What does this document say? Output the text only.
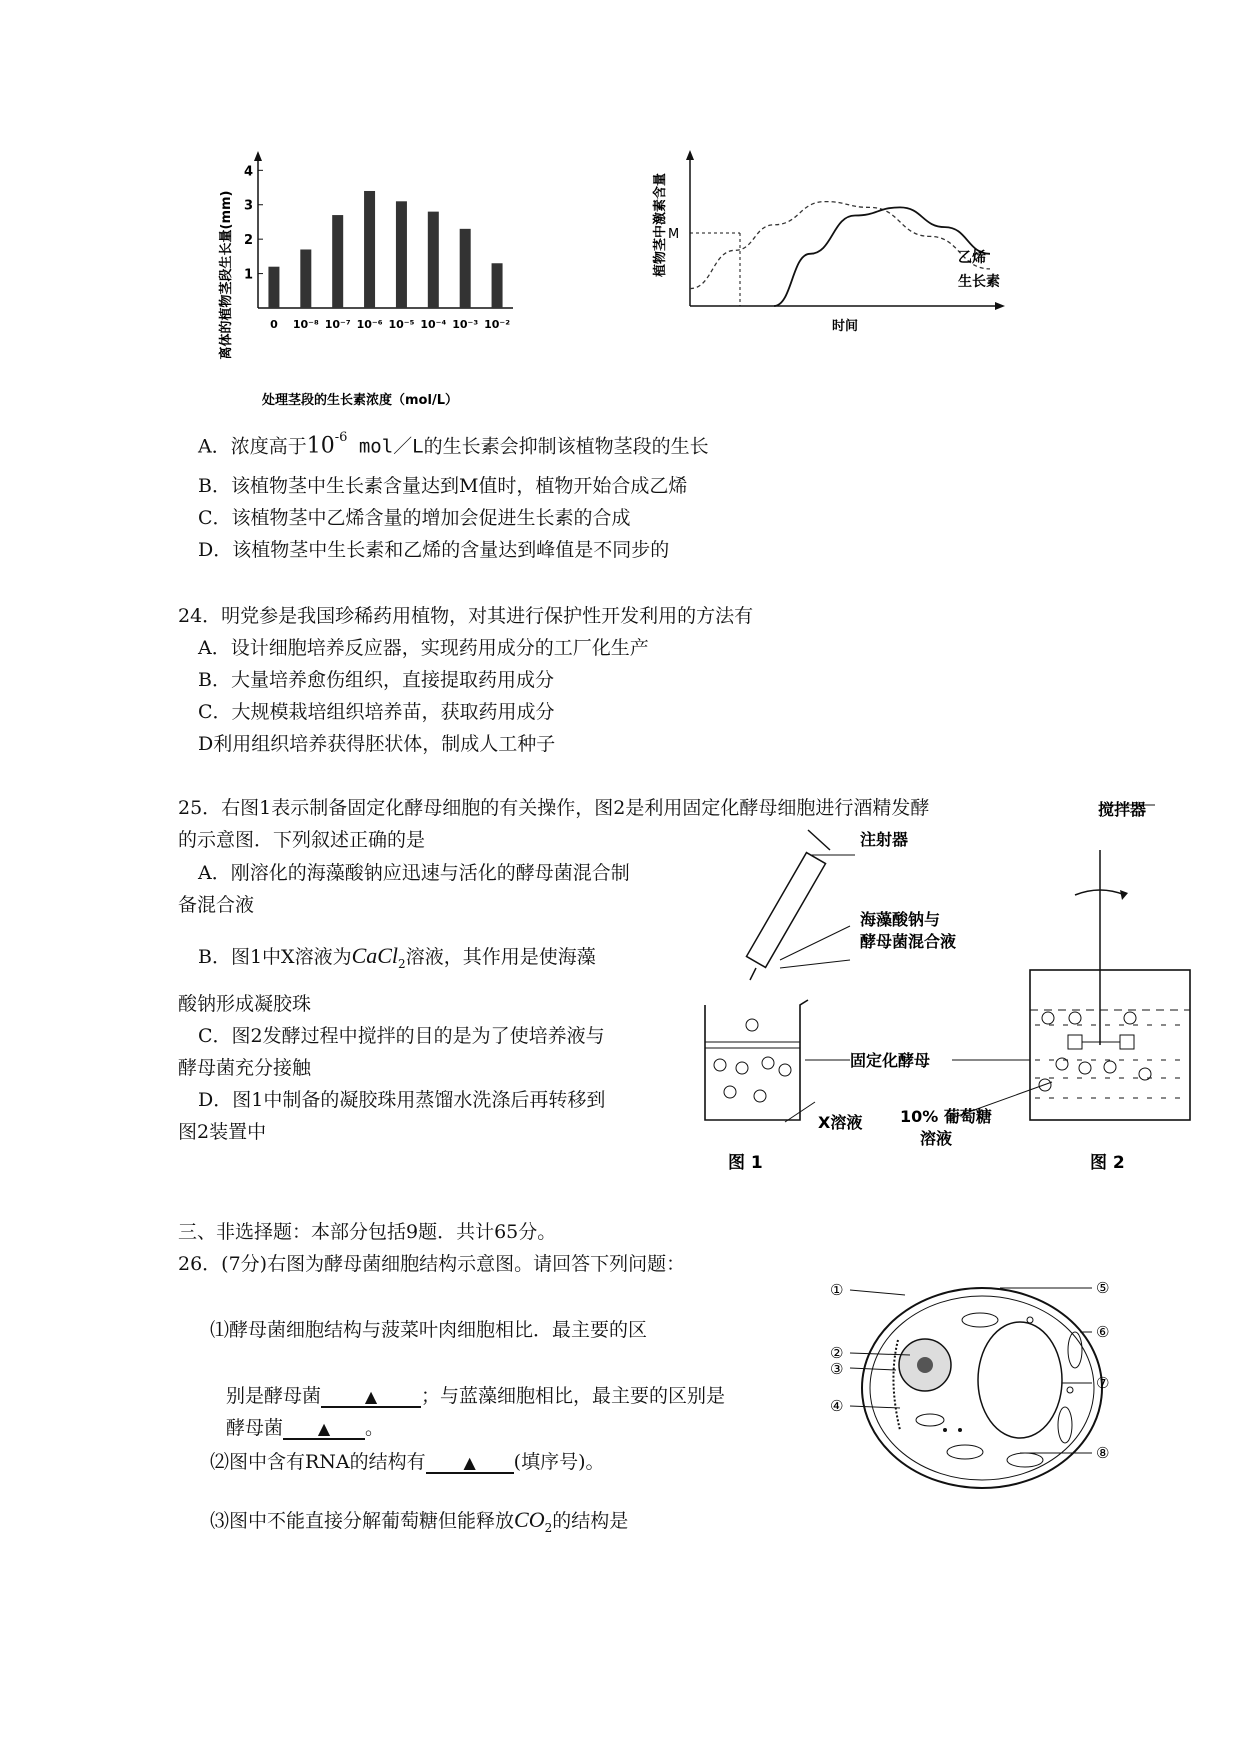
1
2
3
4
0 10⁻⁸ 10⁻⁷ 10⁻⁶ 10⁻⁵ 10⁻⁴ 10⁻³ 10⁻²
离体的植物茎段生长量(mm)
处理茎段的生长素浓度（mol/L）
M
乙烯
生长素
植物茎中激素含量
时间
A．浓度高于$10^{-6}$ mol／L的生长素会抑制该植物茎段的生长
B．该植物茎中生长素含量达到M值时，植物开始合成乙烯
C．该植物茎中乙烯含量的增加会促进生长素的合成
D．该植物茎中生长素和乙烯的含量达到峰值是不同步的
24．明党参是我国珍稀药用植物，对其进行保护性开发利用的方法有
A．设计细胞培养反应器，实现药用成分的工厂化生产
B．大量培养愈伤组织，直接提取药用成分
C．大规模栽培组织培养苗，获取药用成分
D利用组织培养获得胚状体，制成人工种子
25．右图1表示制备固定化酵母细胞的有关操作，图2是利用固定化酵母细胞进行酒精发酵
的示意图．下列叙述正确的是
A．刚溶化的海藻酸钠应迅速与活化的酵母菌混合制
备混合液
B．图1中X溶液为CaCl$_2$溶液，其作用是使海藻
酸钠形成凝胶珠
C．图2发酵过程中搅拌的目的是为了使培养液与
酵母菌充分接触
D．图1中制备的凝胶珠用蒸馏水洗涤后再转移到
图2装置中
注射器
海藻酸钠与
酵母菌混合液
搅拌器
固定化酵母
X溶液 10% 葡萄糖
溶液
图 1	图 2
三、非选择题：本部分包括9题．共计65分。
26．(7分)右图为酵母菌细胞结构示意图。请回答下列问题：
⑴酵母菌细胞结构与菠菜叶肉细胞相比．最主要的区
别是酵母菌	▲ ；与蓝藻细胞相比，最主要的区别是
酵母菌 ▲ 。
⑵图中含有RNA的结构有 ▲ (填序号)。
⑶图中不能直接分解葡萄糖但能释放$CO_2$的结构是
①
②
③
④
⑤
⑥
⑦
⑧
